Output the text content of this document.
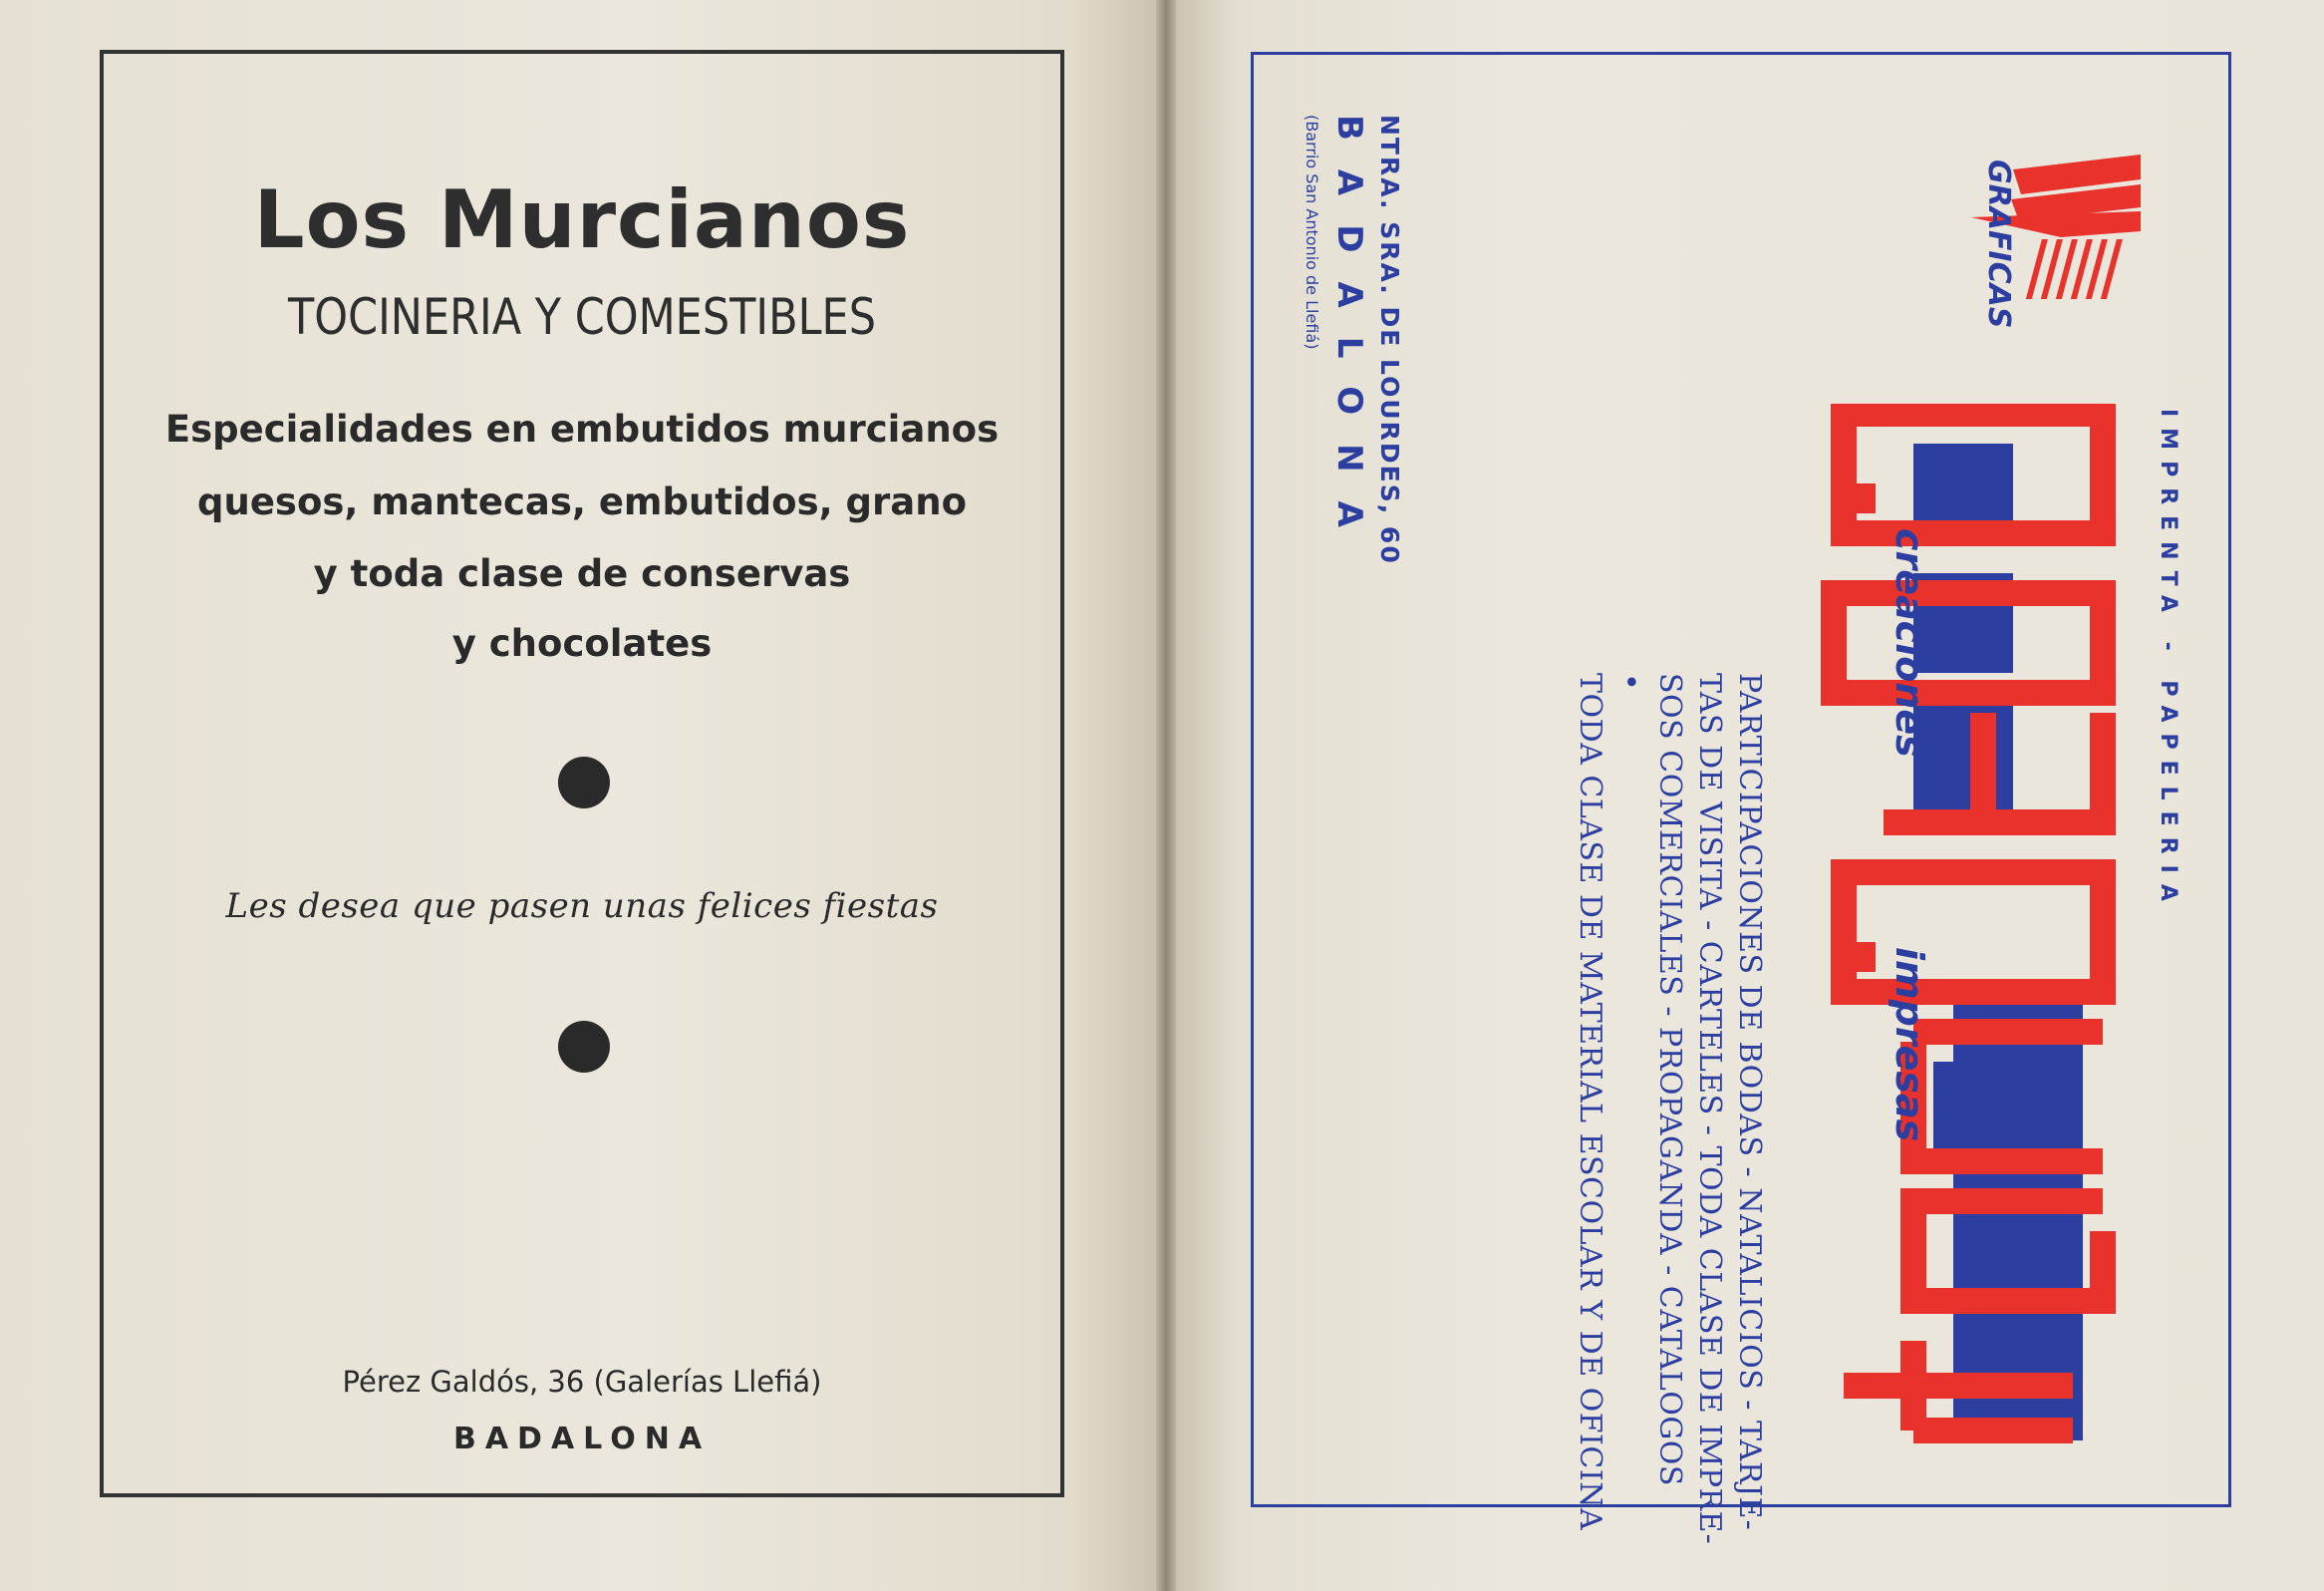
Los Murcianos
TOCINERIA Y COMESTIBLES
Especialidades en embutidos murcianos
quesos, mantecas, embutidos, grano
y toda clase de conservas
y chocolates
Les desea que pasen unas felices fiestas
Pérez Galdós, 36 (Galerías Llefiá)
BADALONA
NTRA. SRA. DE LOURDES, 60
BADALONA
(Barrio San Antonio de Llefiá)	GRAFICAS
IMPRENTA - PAPELERIA
creaciones
impresas
PARTICIPACIONES DE BODAS - NATALICIOS - TARJE-
TAS DE VISITA - CARTELES - TODA CLASE DE IMPRE-
SOS COMERCIALES - PROPAGANDA - CATALOGOS
•
TODA CLASE DE MATERIAL ESCOLAR Y DE OFICINA
